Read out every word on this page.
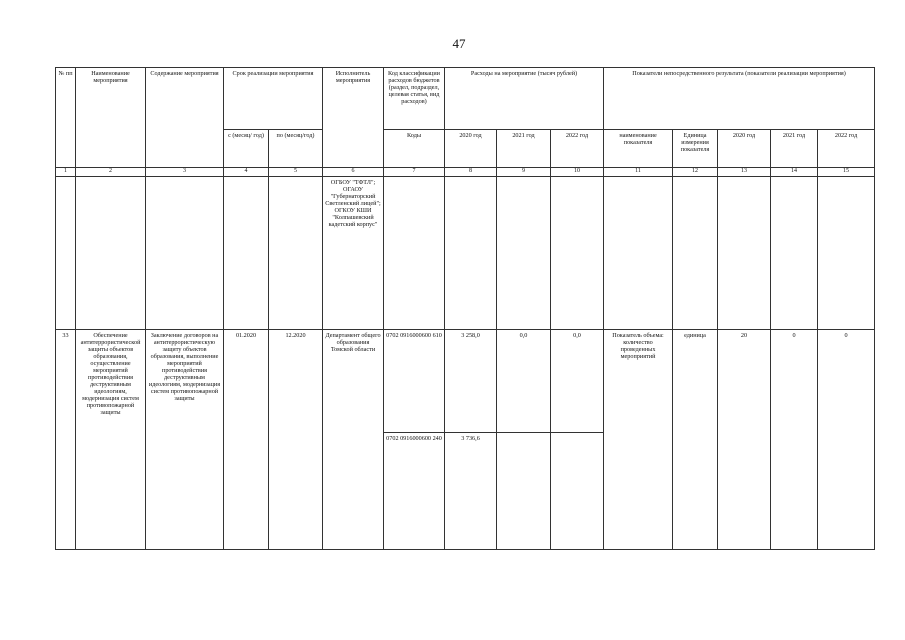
47
№ пп	Наименование мероприятия	Содержание мероприятия	Срок реализации мероприятия		Исполнитель мероприятия	Код классификации расходов бюджетов (раздел, подраздел, целевая статья, вид расходов)	Расходы на мероприятие (тысяч рублей)			Показатели непосредственного результата (показатели реализации мероприятия)				
			с (месяц/ год)	по (месяц/год)		Коды	2020 год	2021 год	2022 год	наименование показателя	Единица измерения показателя	2020 год	2021 год	2022 год
1	2	3	4	5	6	7	8	9	10	11	12	13	14	15
					ОГБОУ "ТФТЛ"; ОГАОУ "Губернаторский Светленский лицей"; ОГКОУ КШИ "Колпашевский кадетский корпус"									
33	Обеспечение антитеррористической защиты объектов образования, осуществление мероприятий противодействия деструктивным идеологиям, модернизация систем противопожарной защиты	Заключение договоров на антитеррористическую защиту объектов образования, выполнение мероприятий противодействия деструктивным идеологиям, модернизация систем противопожарной защиты	01.2020	12.2020	Департамент общего образования Томской области	0702 0916000600 610	3 258,0	0,0	0,0	Показатель объема: количество проведенных мероприятий	единица	20	0	0
						0702 0916000600 240	3 736,6							
